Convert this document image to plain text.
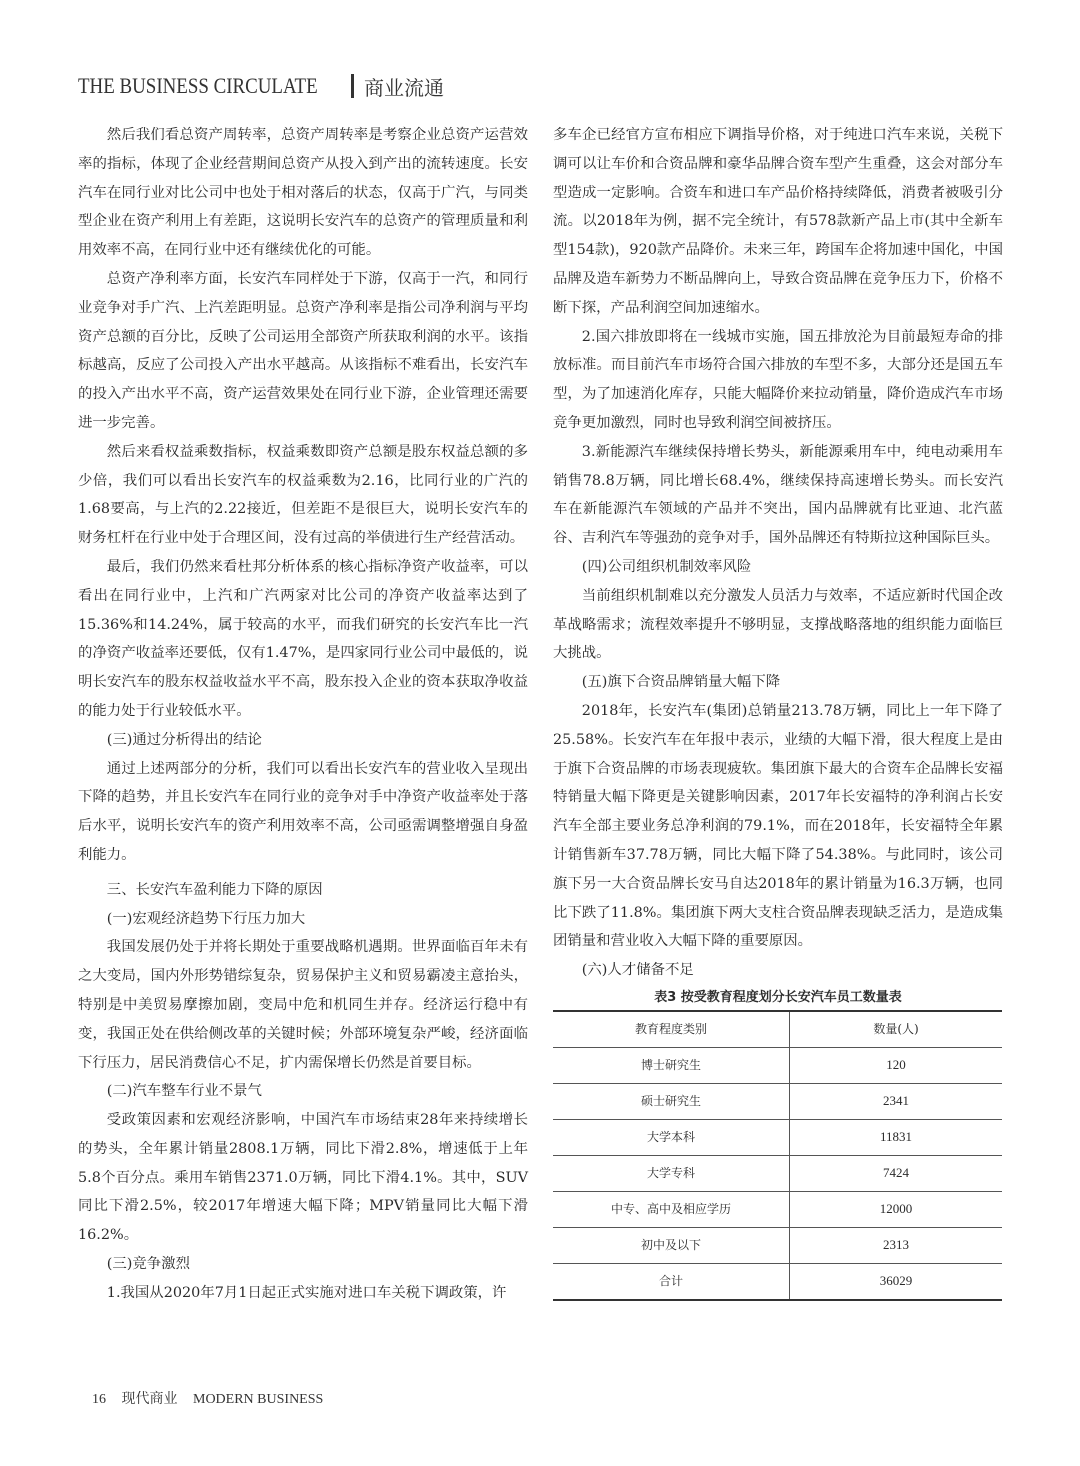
THE BUSINESS CIRCULATE 商业流通

然后我们看总资产周转率，总资产周转率是考察企业总资产运营效率的指标，体现了企业经营期间总资产从投入到产出的流转速度。长安汽车在同行业对比公司中也处于相对落后的状态，仅高于广汽，与同类型企业在资产利用上有差距，这说明长安汽车的总资产的管理质量和利用效率不高，在同行业中还有继续优化的可能。

总资产净利率方面，长安汽车同样处于下游，仅高于一汽，和同行业竞争对手广汽、上汽差距明显。总资产净利率是指公司净利润与平均资产总额的百分比，反映了公司运用全部资产所获取利润的水平。该指标越高，反应了公司投入产出水平越高。从该指标不难看出，长安汽车的投入产出水平不高，资产运营效果处在同行业下游，企业管理还需要进一步完善。

然后来看权益乘数指标，权益乘数即资产总额是股东权益总额的多少倍，我们可以看出长安汽车的权益乘数为2.16，比同行业的广汽的1.68要高，与上汽的2.22接近，但差距不是很巨大，说明长安汽车的财务杠杆在行业中处于合理区间，没有过高的举债进行生产经营活动。

最后，我们仍然来看杜邦分析体系的核心指标净资产收益率，可以看出在同行业中，上汽和广汽两家对比公司的净资产收益率达到了15.36%和14.24%，属于较高的水平，而我们研究的长安汽车比一汽的净资产收益率还要低，仅有1.47%，是四家同行业公司中最低的，说明长安汽车的股东权益收益水平不高，股东投入企业的资本获取净收益的能力处于行业较低水平。

(三)通过分析得出的结论

通过上述两部分的分析，我们可以看出长安汽车的营业收入呈现出下降的趋势，并且长安汽车在同行业的竞争对手中净资产收益率处于落后水平，说明长安汽车的资产利用效率不高，公司亟需调整增强自身盈利能力。

三、长安汽车盈利能力下降的原因
(一)宏观经济趋势下行压力加大

我国发展仍处于并将长期处于重要战略机遇期。世界面临百年未有之大变局，国内外形势错综复杂，贸易保护主义和贸易霸凌主意抬头，特别是中美贸易摩擦加剧，变局中危和机同生并存。经济运行稳中有变，我国正处在供给侧改革的关键时候；外部环境复杂严峻，经济面临下行压力，居民消费信心不足，扩内需保增长仍然是首要目标。

(二)汽车整车行业不景气

受政策因素和宏观经济影响，中国汽车市场结束28年来持续增长的势头，全年累计销量2808.1万辆，同比下滑2.8%，增速低于上年5.8个百分点。乘用车销售2371.0万辆，同比下滑4.1%。其中，SUV同比下滑2.5%，较2017年增速大幅下降；MPV销量同比大幅下滑16.2%。

(三)竞争激烈

1.我国从2020年7月1日起正式实施对进口车关税下调政策，许

多车企已经官方宣布相应下调指导价格，对于纯进口汽车来说，关税下调可以让车价和合资品牌和豪华品牌合资车型产生重叠，这会对部分车型造成一定影响。合资车和进口车产品价格持续降低，消费者被吸引分流。以2018年为例，据不完全统计，有578款新产品上市(其中全新车型154款)，920款产品降价。未来三年，跨国车企将加速中国化，中国品牌及造车新势力不断品牌向上，导致合资品牌在竞争压力下，价格不断下探，产品利润空间加速缩水。

2.国六排放即将在一线城市实施，国五排放沦为目前最短寿命的排放标准。而目前汽车市场符合国六排放的车型不多，大部分还是国五车型，为了加速消化库存，只能大幅降价来拉动销量，降价造成汽车市场竞争更加激烈，同时也导致利润空间被挤压。

3.新能源汽车继续保持增长势头，新能源乘用车中，纯电动乘用车销售78.8万辆，同比增长68.4%，继续保持高速增长势头。而长安汽车在新能源汽车领域的产品并不突出，国内品牌就有比亚迪、北汽蓝谷、吉利汽车等强劲的竞争对手，国外品牌还有特斯拉这种国际巨头。

(四)公司组织机制效率风险

当前组织机制难以充分激发人员活力与效率，不适应新时代国企改革战略需求；流程效率提升不够明显，支撑战略落地的组织能力面临巨大挑战。

(五)旗下合资品牌销量大幅下降

2018年，长安汽车(集团)总销量213.78万辆，同比上一年下降了25.58%。长安汽车在年报中表示，业绩的大幅下滑，很大程度上是由于旗下合资品牌的市场表现疲软。集团旗下最大的合资车企品牌长安福特销量大幅下降更是关键影响因素，2017年长安福特的净利润占长安汽车全部主要业务总净利润的79.1%，而在2018年，长安福特全年累计销售新车37.78万辆，同比大幅下降了54.38%。与此同时，该公司旗下另一大合资品牌长安马自达2018年的累计销量为16.3万辆，也同比下跌了11.8%。集团旗下两大支柱合资品牌表现缺乏活力，是造成集团销量和营业收入大幅下降的重要原因。

(六)人才储备不足
表3 按受教育程度划分长安汽车员工数量表
教育程度类别	数量(人)
博士研究生	120
硕士研究生	2341
大学本科	11831
大学专科	7424
中专、高中及相应学历	12000
初中及以下	2313
合计	36029
16 现代商业 MODERN BUSINESS
